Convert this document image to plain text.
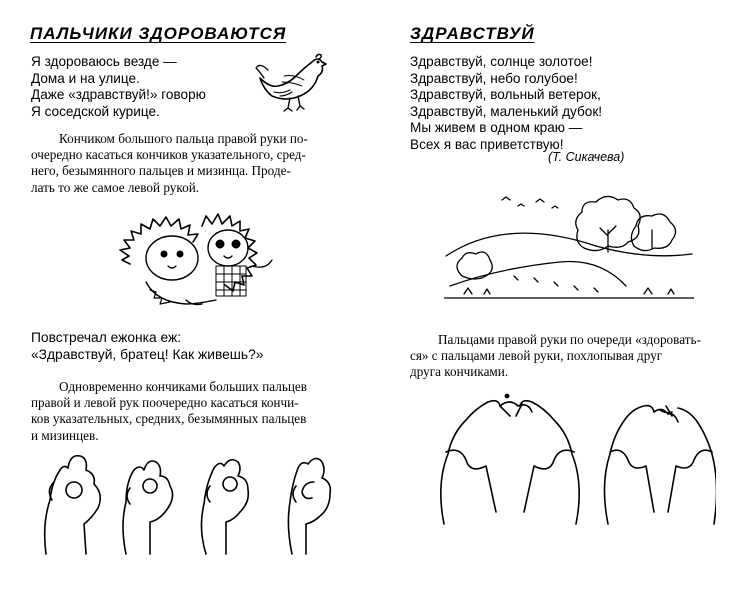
ПАЛЬЧИКИ ЗДОРОВАЮТСЯ
Я здороваюсь везде —
Дома и на улице.
Даже «здравствуй!» говорю
Я соседской курице.
Кончиком большого пальца правой руки по-
очередно касаться кончиков указательного, сред-
него, безымянного пальцев и мизинца. Проде-
лать то же самое левой рукой.
Повстречал ежонка еж:
«Здравствуй, братец! Как живешь?»
Одновременно кончиками больших пальцев
правой и левой рук поочередно касаться кончи-
ков указательных, средних, безымянных пальцев
и мизинцев.
ЗДРАВСТВУЙ
Здравствуй, солнце золотое!
Здравствуй, небо голубое!
Здравствуй, вольный ветерок,
Здравствуй, маленький дубок!
Мы живем в одном краю —
Всех я вас приветствую!
(Т. Сикачева)
Пальцами правой руки по очереди «здоровать-
ся» с пальцами левой руки, похлопывая друг
друга кончиками.
